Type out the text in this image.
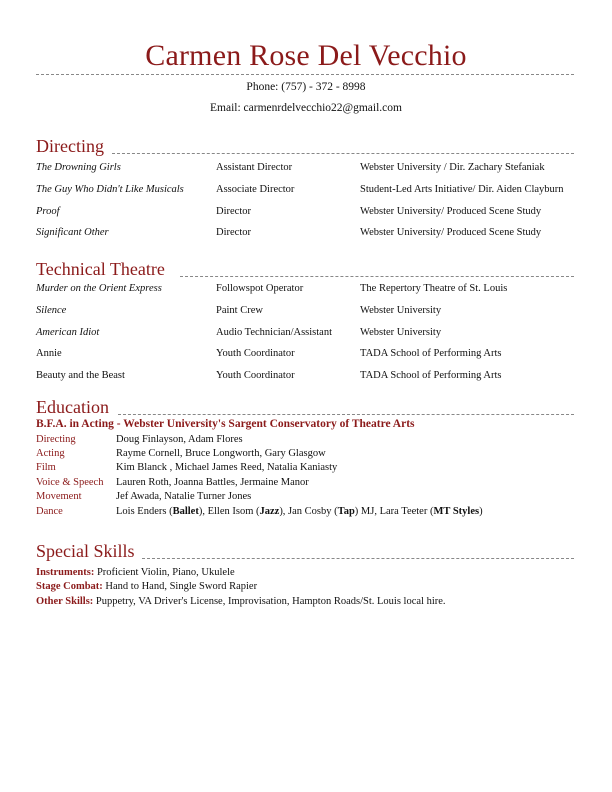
Carmen Rose Del Vecchio
Phone: (757) - 372 - 8998
Email: carmenrdelvecchio22@gmail.com
Directing
The Drowning Girls	Assistant Director	Webster University / Dir. Zachary Stefaniak
The Guy Who Didn't Like Musicals	Associate Director	Student-Led Arts Initiative/ Dir. Aiden Clayburn
Proof	Director	Webster University/ Produced Scene Study
Significant Other	Director	Webster University/ Produced Scene Study
Technical Theatre
Murder on the Orient Express	Followspot Operator	The Repertory Theatre of St. Louis
Silence	Paint Crew	Webster University
American Idiot	Audio Technician/Assistant	Webster University
Annie	Youth Coordinator	TADA School of Performing Arts
Beauty and the Beast	Youth Coordinator	TADA School of Performing Arts
Education
B.F.A. in Acting - Webster University's Sargent Conservatory of Theatre Arts
Directing	Doug Finlayson, Adam Flores
Acting	Rayme Cornell, Bruce Longworth, Gary Glasgow
Film	Kim Blanck , Michael James Reed, Natalia Kaniasty
Voice & Speech Lauren Roth, Joanna Battles, Jermaine Manor
Movement	Jef Awada, Natalie Turner Jones
Dance	Lois Enders (Ballet), Ellen Isom (Jazz), Jan Cosby (Tap) MJ, Lara Teeter (MT Styles)
Special Skills
Instruments: Proficient Violin, Piano, Ukulele
Stage Combat: Hand to Hand, Single Sword Rapier
Other Skills: Puppetry, VA Driver's License, Improvisation, Hampton Roads/St. Louis local hire.
